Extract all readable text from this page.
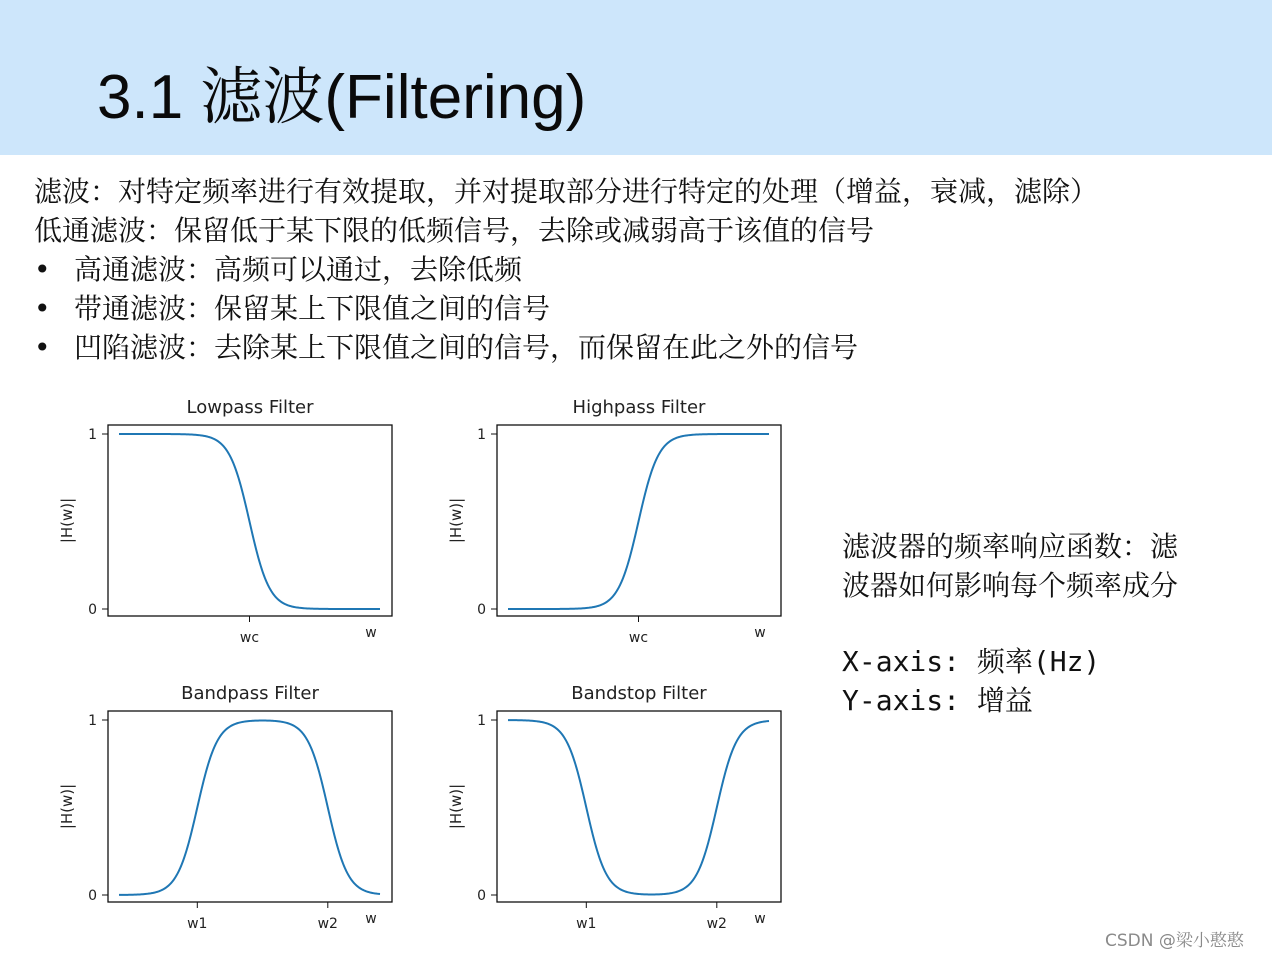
3.1 滤波(Filtering)
滤波：对特定频率进行有效提取，并对提取部分进行特定的处理（增益，衰减，滤除）
低通滤波：保留低于某下限的低频信号，去除或减弱高于该值的信号
• 高通滤波：高频可以通过，去除低频
• 带通滤波：保留某上下限值之间的信号
• 凹陷滤波：去除某上下限值之间的信号，而保留在此之外的信号
Lowpass Filter
0
1
wc	w
|H(w)|
Highpass Filter
0
1
wc	w
|H(w)|
Bandpass Filter
0
1
w1	w2 w
|H(w)|
Bandstop Filter
0
1
w1	w2 w
|H(w)|
滤波器的频率响应函数：滤
波器如何影响每个频率成分
X-axis: 频率(Hz)
Y-axis: 增益
CSDN @梁小憨憨
